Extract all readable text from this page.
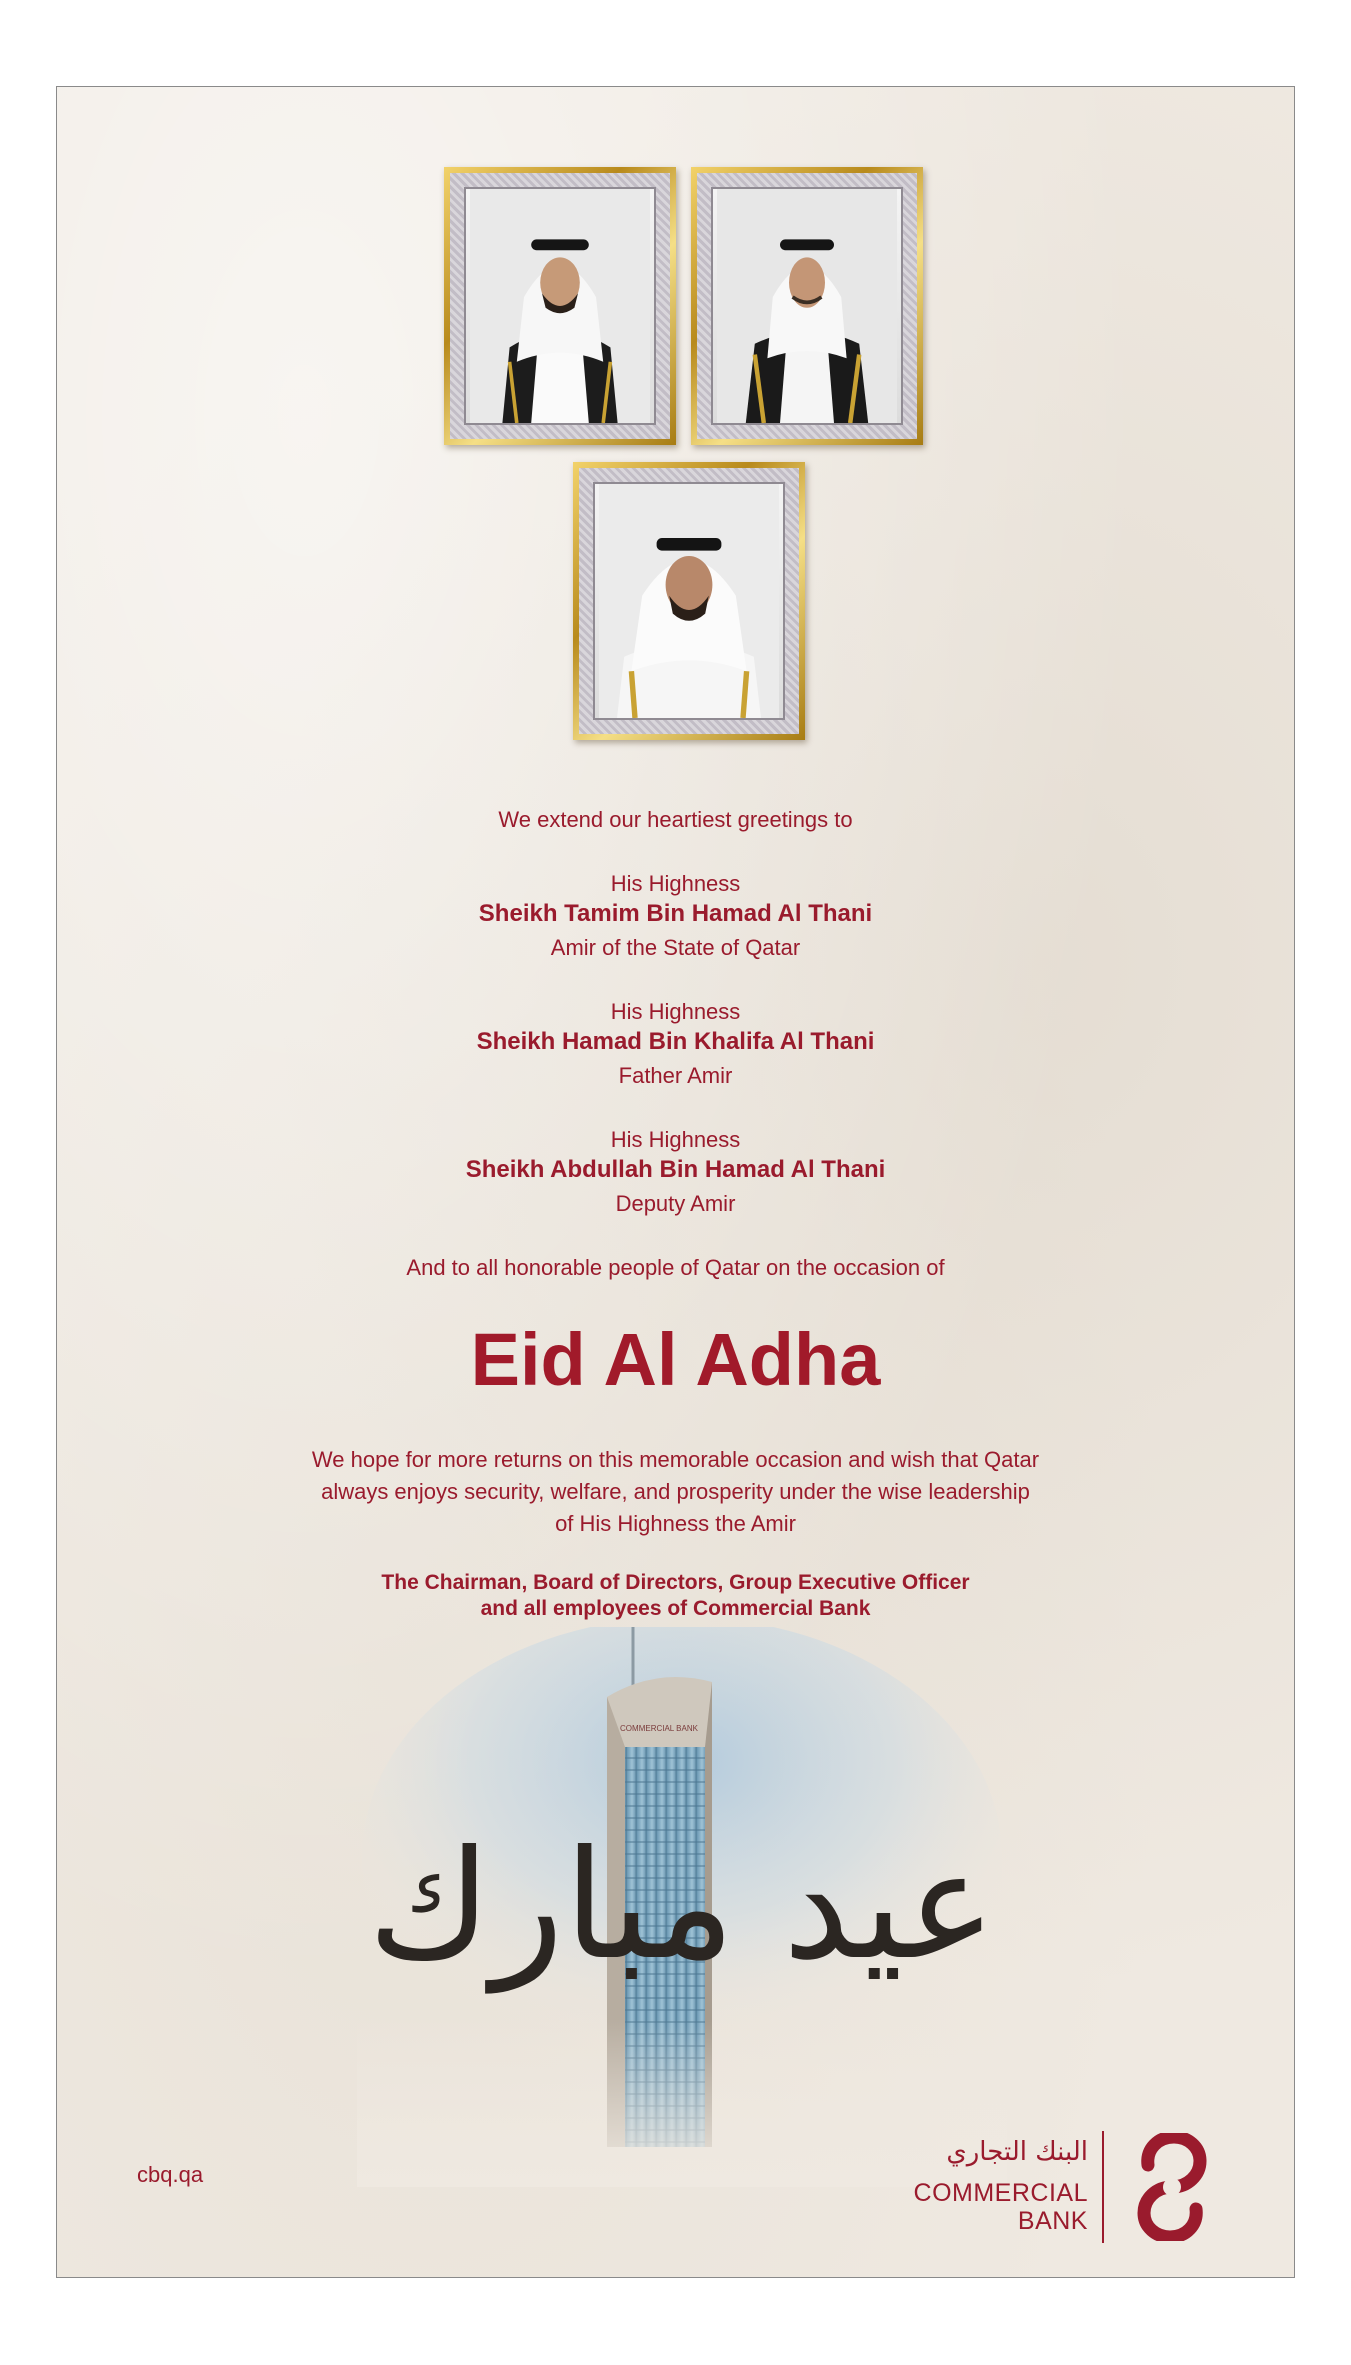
We extend our heartiest greetings to
His Highness
Sheikh Tamim Bin Hamad Al Thani
Amir of the State of Qatar
His Highness
Sheikh Hamad Bin Khalifa Al Thani
Father Amir
His Highness
Sheikh Abdullah Bin Hamad Al Thani
Deputy Amir
And to all honorable people of Qatar on the occasion of
Eid Al Adha
We hope for more returns on this memorable occasion and wish that Qatar
always enjoys security, welfare, and prosperity under the wise leadership
of His Highness the Amir
The Chairman, Board of Directors, Group Executive Officer
and all employees of Commercial Bank
cbq.qa
البنك التجاري
COMMERCIAL
BANK
